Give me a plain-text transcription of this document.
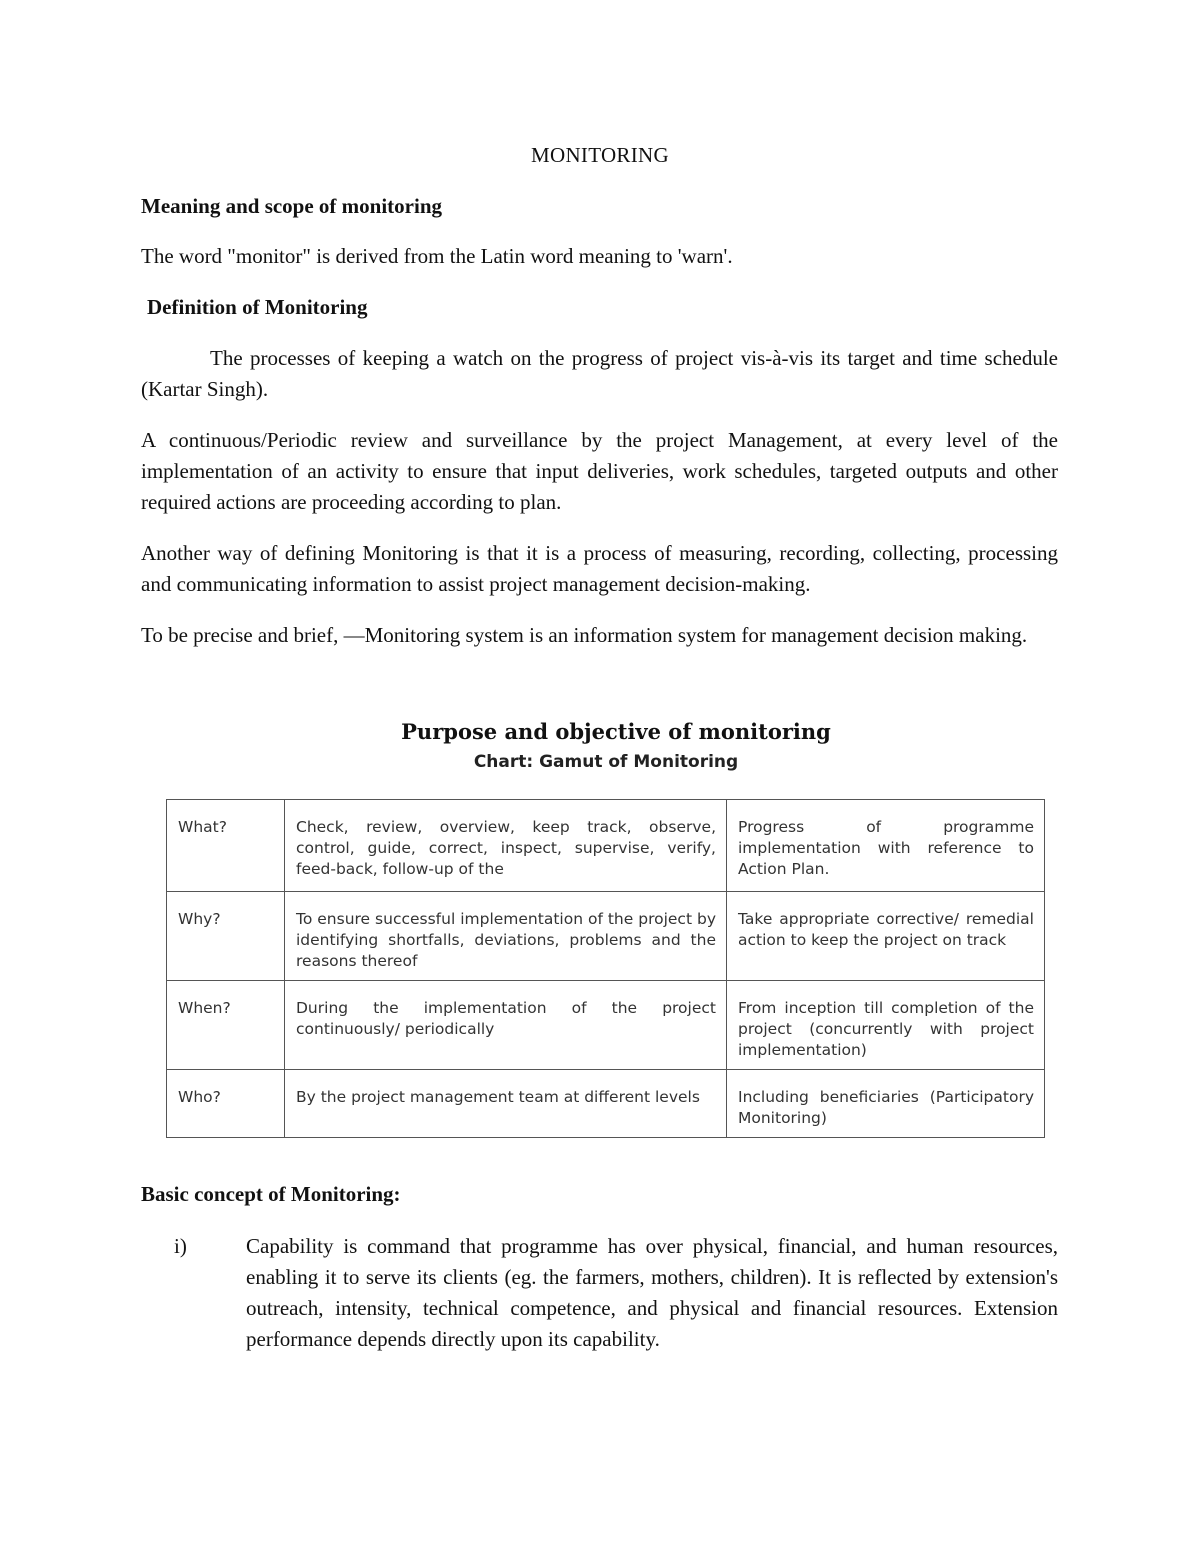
MONITORING
Meaning and scope of monitoring
The word "monitor" is derived from the Latin word meaning to 'warn'.
Definition of Monitoring
The processes of keeping a watch on the progress of project vis-à-vis its target and time schedule (Kartar Singh).
A continuous/Periodic review and surveillance by the project Management, at every level of the implementation of an activity to ensure that input deliveries, work schedules, targeted outputs and other required actions are proceeding according to plan.
Another way of defining Monitoring is that it is a process of measuring, recording, collecting, processing and communicating information to assist project management decision-making.
To be precise and brief, ―Monitoring system is an information system for management decision making.
Purpose and objective of monitoring
Chart: Gamut of Monitoring
What?	Check, review, overview, keep track, observe, control, guide, correct, inspect, supervise, verify, feed-back, follow-up of the	Progress of programme implementation with reference to Action Plan.
Why?	To ensure successful implementation of the project by identifying shortfalls, deviations, problems and the reasons thereof	Take appropriate corrective/ remedial action to keep the project on track
When?	During the implementation of the project continuously/ periodically	From inception till completion of the project (concurrently with project implementation)
Who?	By the project management team at different levels	Including beneficiaries (Participatory Monitoring)
Basic concept of Monitoring:
i)	Capability is command that programme has over physical, financial, and human resources, enabling it to serve its clients (eg. the farmers, mothers, children). It is reflected by extension's outreach, intensity, technical competence, and physical and financial resources. Extension performance depends directly upon its capability.
